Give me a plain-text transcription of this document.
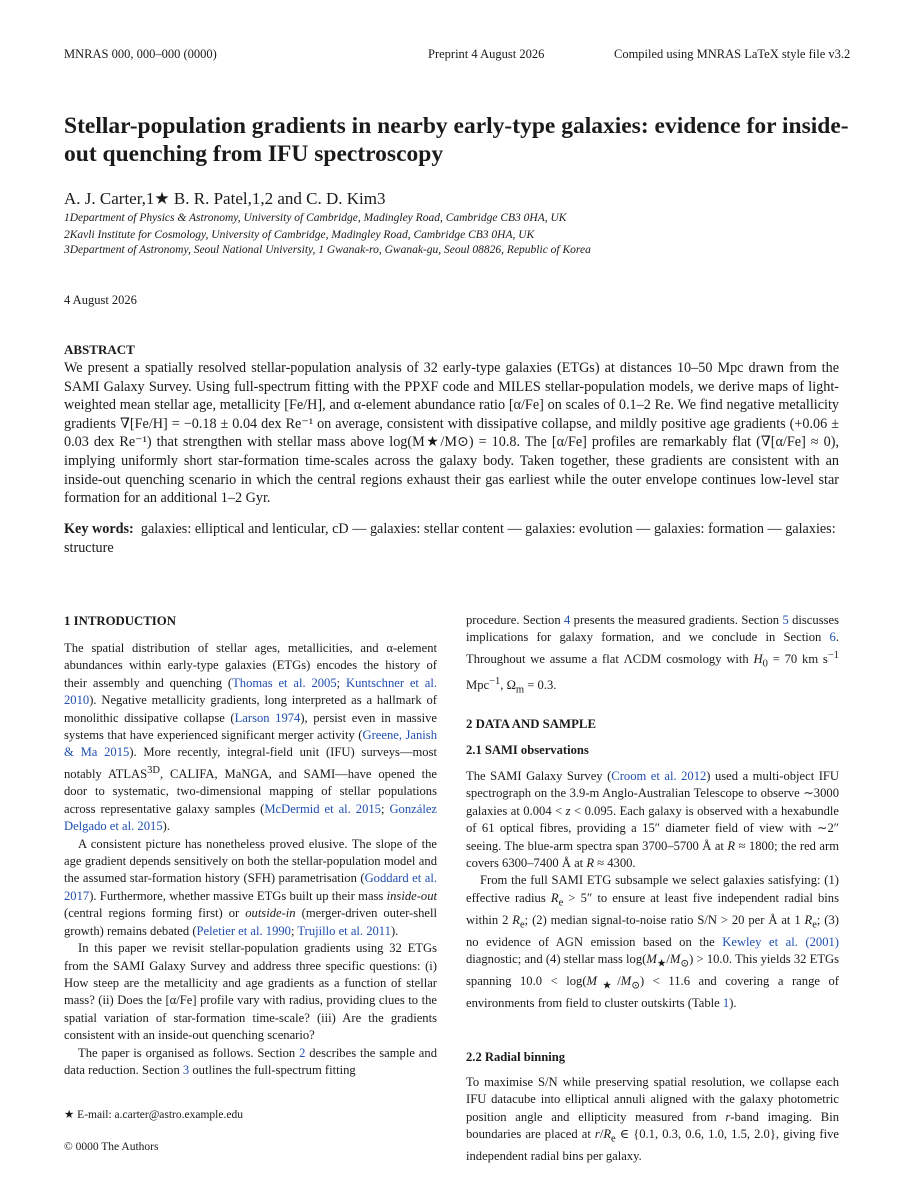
MNRAS 000, 000–000 (0000)	Preprint 4 August 2026	Compiled using MNRAS LaTeX style file v3.2
Stellar-population gradients in nearby early-type galaxies: evidence for inside-out quenching from IFU spectroscopy
A. J. Carter,1★ B. R. Patel,1,2 and C. D. Kim3
1Department of Physics & Astronomy, University of Cambridge, Madingley Road, Cambridge CB3 0HA, UK
2Kavli Institute for Cosmology, University of Cambridge, Madingley Road, Cambridge CB3 0HA, UK
3Department of Astronomy, Seoul National University, 1 Gwanak-ro, Gwanak-gu, Seoul 08826, Republic of Korea
4 August 2026
ABSTRACT
We present a spatially resolved stellar-population analysis of 32 early-type galaxies (ETGs) at distances 10–50 Mpc drawn from the SAMI Galaxy Survey. Using full-spectrum fitting with the PPXF code and MILES stellar-population models, we derive maps of light-weighted mean stellar age, metallicity [Fe/H], and α-element abundance ratio [α/Fe] on scales of 0.1–2 Re. We find negative metallicity gradients ∇[Fe/H] = −0.18 ± 0.04 dex Re⁻¹ on average, consistent with dissipative collapse, and mildly positive age gradients (+0.06 ± 0.03 dex Re⁻¹) that strengthen with stellar mass above log(M★/M⊙) = 10.8. The [α/Fe] profiles are remarkably flat (∇[α/Fe] ≈ 0), implying uniformly short star-formation time-scales across the galaxy body. Taken together, these gradients are consistent with an inside-out quenching scenario in which the central regions exhaust their gas earliest while the outer envelope continues low-level star formation for an additional 1–2 Gyr.
Key words: galaxies: elliptical and lenticular, cD — galaxies: stellar content — galaxies: evolution — galaxies: formation — galaxies: structure
1 INTRODUCTION

The spatial distribution of stellar ages, metallicities, and α-element abundances within early-type galaxies (ETGs) encodes the history of their assembly and quenching (Thomas et al. 2005; Kuntschner et al. 2010). Negative metallicity gradients, long interpreted as a hallmark of monolithic dissipative collapse (Larson 1974), persist even in massive systems that have experienced significant merger activity (Greene, Janish & Ma 2015). More recently, integral-field unit (IFU) surveys—most notably $ATLAS^{3D}$, CALIFA, MaNGA, and SAMI—have opened the door to systematic, two-dimensional mapping of stellar populations across representative galaxy samples (McDermid et al. 2015; González Delgado et al. 2015).

A consistent picture has nonetheless proved elusive. The slope of the age gradient depends sensitively on both the stellar-population model and the assumed star-formation history (SFH) parametrisation (Goddard et al. 2017). Furthermore, whether massive ETGs built up their mass inside-out (central regions forming first) or outside-in (merger-driven outer-shell growth) remains debated (Peletier et al. 1990; Trujillo et al. 2011).

In this paper we revisit stellar-population gradients using 32 ETGs from the SAMI Galaxy Survey and address three specific questions: (i) How steep are the metallicity and age gradients as a function of stellar mass? (ii) Does the [α/Fe] profile vary with radius, providing clues to the spatial variation of star-formation time-scale? (iii) Are the gradients consistent with an inside-out quenching scenario?

The paper is organised as follows. Section 2 describes the sample and data reduction. Section 3 outlines the full-spectrum fitting

procedure. Section 4 presents the measured gradients. Section 5 discusses implications for galaxy formation, and we conclude in Section 6. Throughout we assume a flat ΛCDM cosmology with $H_0 = 70$ km $s^{-1}$ Mpc$^{-1}$, $\Omega_m = 0.3$.

2 DATA AND SAMPLE
2.1 SAMI observations

The SAMI Galaxy Survey (Croom et al. 2012) used a multi-object IFU spectrograph on the 3.9-m Anglo-Australian Telescope to observe ∼3000 galaxies at 0.004 < z < 0.095. Each galaxy is observed with a hexabundle of 61 optical fibres, providing a 15″ diameter field of view with ∼2″ seeing. The blue-arm spectra span 3700–5700 Å at R ≈ 1800; the red arm covers 6300–7400 Å at R ≈ 4300.

From the full SAMI ETG subsample we select galaxies satisfying: (1) effective radius $R_e > 5''$ to ensure at least five independent radial bins within 2 $R_e$; (2) median signal-to-noise ratio S/N > 20 per Å at 1 $R_e$; (3) no evidence of AGN emission based on the Kewley et al. (2001) diagnostic; and (4) stellar mass $\log(M_★/M_⊙) > 10.0$. This yields 32 ETGs spanning $10.0 < \log(M_★/M_⊙) < 11.6$ and covering a range of environments from field to cluster outskirts (Table 1).

2.2 Radial binning

To maximise S/N while preserving spatial resolution, we collapse each IFU datacube into elliptical annuli aligned with the galaxy photometric position angle and ellipticity measured from r-band imaging. Bin boundaries are placed at $r/R_e$ ∈ {0.1, 0.3, 0.6, 1.0, 1.5, 2.0}, giving five independent radial bins per galaxy.

★ E-mail: a.carter@astro.example.edu
© 0000 The Authors
